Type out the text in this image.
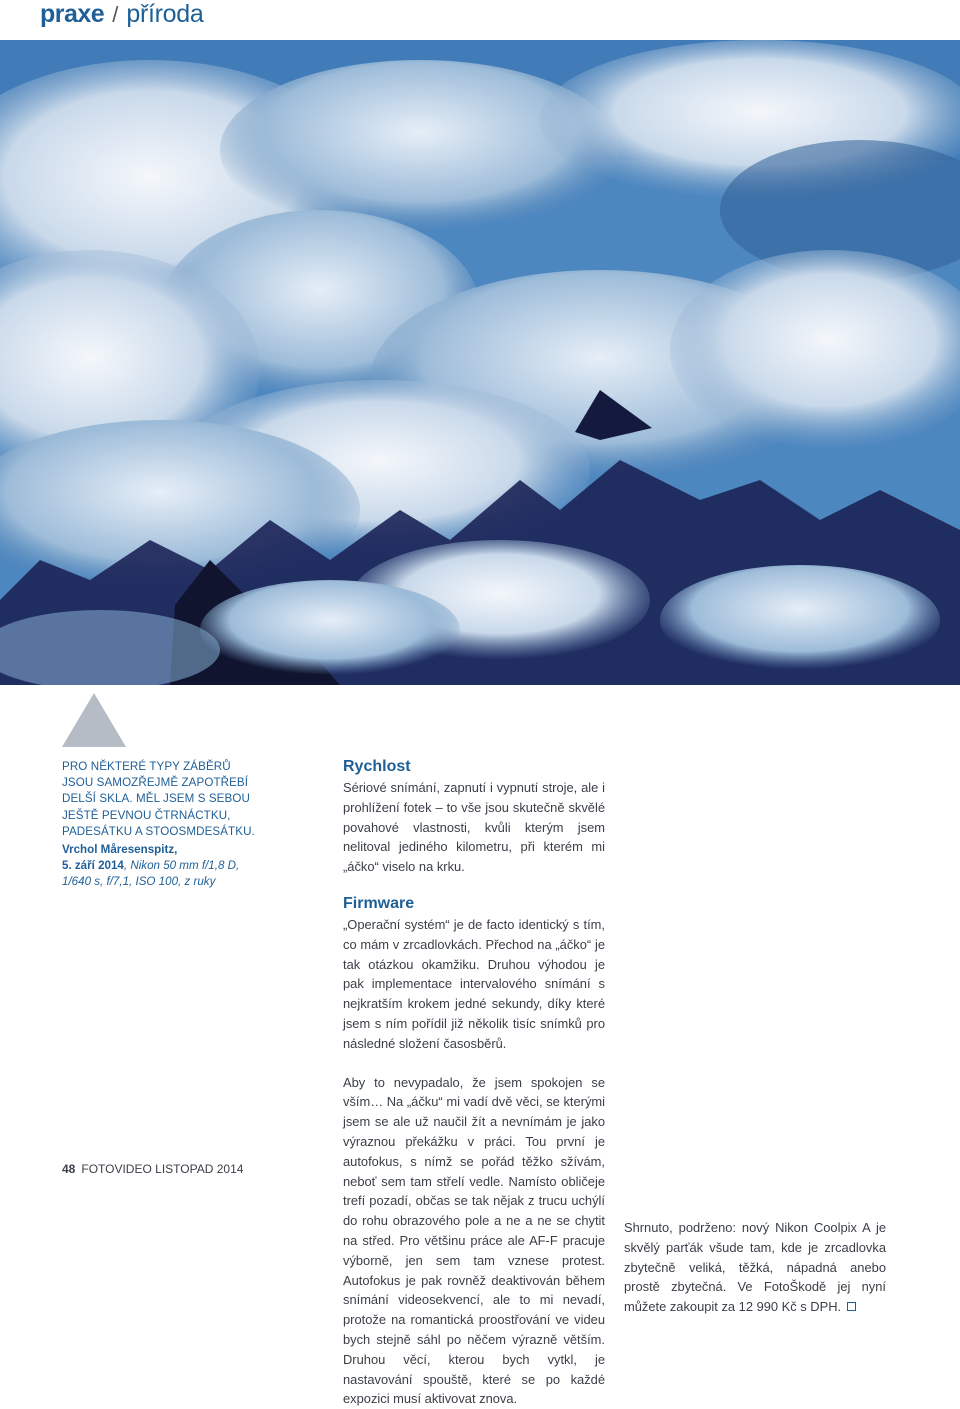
praxe / příroda
PRO NĚKTERÉ TYPY ZÁBĚRŮ JSOU SAMOZŘEJMĚ ZAPOTŘEBÍ DELŠÍ SKLA. MĚL JSEM S SEBOU JEŠTĚ PEVNOU ČTRNÁCTKU, PADESÁTKU A STOOSMDESÁTKU.
Vrchol Måresenspitz,
5. září 2014, Nikon 50 mm f/1,8 D, 1/640 s, f/7,1, ISO 100, z ruky
Rychlost

Sériové snímání, zapnutí i vypnutí stroje, ale i prohlížení fotek – to vše jsou skutečně skvělé povahové vlastnosti, kvůli kterým jsem nelitoval jediného kilometru, při kterém mi „áčko“ viselo na krku.

Firmware

„Operační systém“ je de facto identický s tím, co mám v zrcadlovkách. Přechod na „áčko“ je tak otázkou okamžiku. Druhou výhodou je pak implementace intervalového snímání s nejkratším krokem jedné sekundy, díky které jsem s ním pořídil již několik tisíc snímků pro následné složení časosběrů.

Aby to nevypadalo, že jsem spokojen se vším… Na „áčku“ mi vadí dvě věci, se kterými jsem se ale už naučil žít a nevnímám je jako výraznou překážku v práci. Tou první je autofokus, s nímž se pořád těžko sžívám, neboť sem tam střelí vedle. Namísto obličeje trefí pozadí, občas se tak nějak z trucu uchýlí do rohu obrazového pole a ne a ne se chytit na střed. Pro většinu práce ale AF-F pracuje výborně, jen sem tam vznese protest. Autofokus je pak rovněž deaktivován během snímání videosekvencí, ale to mi nevadí, protože na romantická proostřování ve videu bych stejně sáhl po něčem výrazně větším. Druhou věcí, kterou bych vytkl, je nastavování spouště, které se po každé expozici musí aktivovat znova.

Shrnuto, podrženo: nový Nikon Coolpix A je skvělý parťák všude tam, kde je zrcadlovka zbytečně veliká, těžká, nápadná anebo prostě zbytečná. Ve FotoŠkodě jej nyní můžete zakoupit za 12 990 Kč s DPH.

48 FOTOVIDEO LISTOPAD 2014
